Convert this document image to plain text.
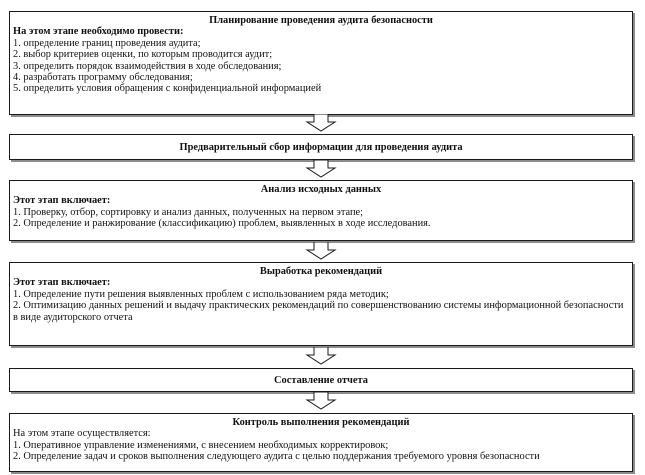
Планирование проведения аудита безопасности
На этом этапе необходимо провести:
1. определение границ проведения аудита;
2. выбор критериев оценки, по которым проводится аудит;
3. определить порядок взаимодействия в ходе обследования;
4. разработать программу обследования;
5. определить условия обращения с конфиденциальной информацией
Предварительный сбор информации для проведения аудита
Анализ исходных данных
Этот этап включает:
1. Проверку, отбор, сортировку и анализ данных, полученных на первом этапе;
2. Определение и ранжирование (классификацию) проблем, выявленных в ходе исследования.
Выработка рекомендаций
Этот этап включает:
1. Определение пути решения выявленных проблем с использованием ряда методик;
2. Оптимизацию данных решений и выдачу практических рекомендаций по совершенствованию системы информационной безопасности в виде аудиторского отчета
Составление отчета
Контроль выполнения рекомендаций
На этом этапе осуществляется:
1. Оперативное управление изменениями, с внесением необходимых корректировок;
2. Определение задач и сроков выполнения следующего аудита с целью поддержания требуемого уровня безопасности
